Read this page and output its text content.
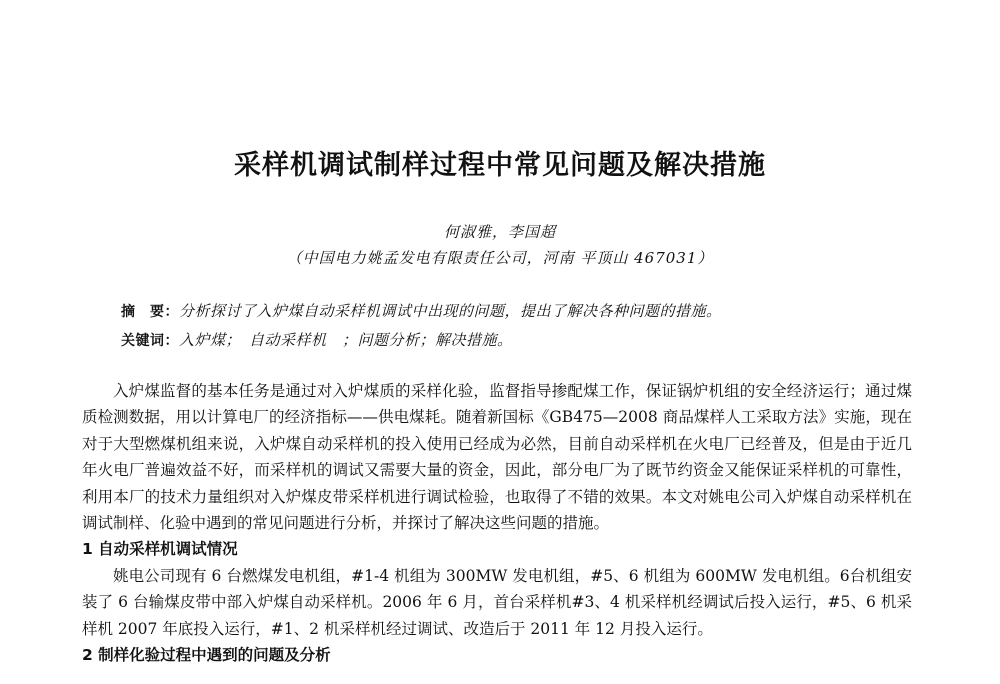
采样机调试制样过程中常见问题及解决措施
何淑雅，李国超
（中国电力姚孟发电有限责任公司，河南 平顶山 467031）
摘　要：分析探讨了入炉煤自动采样机调试中出现的问题，提出了解决各种问题的措施。
关键词：入炉煤；　自动采样机　；问题分析；解决措施。

入炉煤监督的基本任务是通过对入炉煤质的采样化验，监督指导掺配煤工作，保证锅炉机组的安全经济运行；通过煤质检测数据，用以计算电厂的经济指标——供电煤耗。随着新国标《GB475—2008 商品煤样人工采取方法》实施，现在对于大型燃煤机组来说，入炉煤自动采样机的投入使用已经成为必然，目前自动采样机在火电厂已经普及，但是由于近几年火电厂普遍效益不好，而采样机的调试又需要大量的资金，因此，部分电厂为了既节约资金又能保证采样机的可靠性，利用本厂的技术力量组织对入炉煤皮带采样机进行调试检验，也取得了不错的效果。本文对姚电公司入炉煤自动采样机在调试制样、化验中遇到的常见问题进行分析，并探讨了解决这些问题的措施。

1 自动采样机调试情况

姚电公司现有 6 台燃煤发电机组，#1-4 机组为 300MW 发电机组，#5、6 机组为 600MW 发电机组。6台机组安装了 6 台输煤皮带中部入炉煤自动采样机。2006 年 6 月，首台采样机#3、4 机采样机经调试后投入运行，#5、6 机采样机 2007 年底投入运行，#1、2 机采样机经过调试、改造后于 2011 年 12 月投入运行。

2 制样化验过程中遇到的问题及分析
